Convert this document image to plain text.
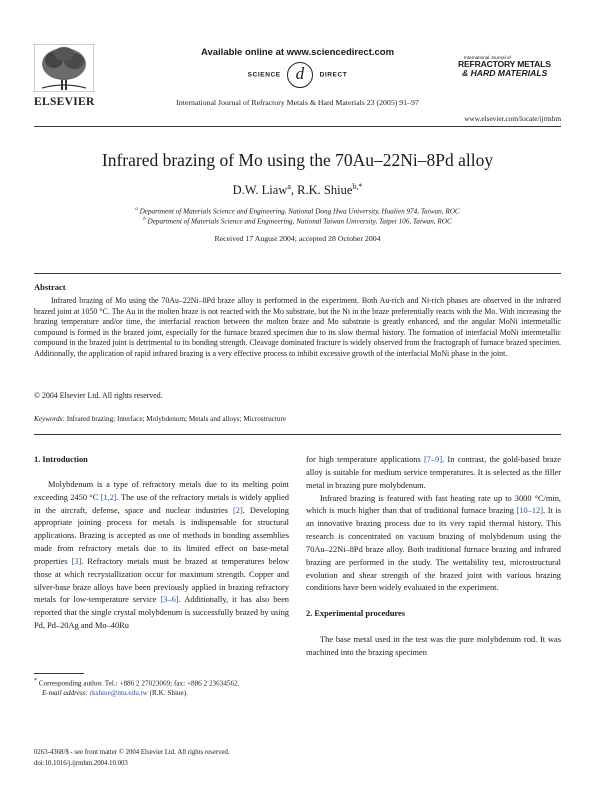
ELSEVIER
Available online at www.sciencedirect.com
SCIENCE d DIRECT
International Journal of Refractory Metals & Hard Materials 23 (2005) 91–97
International Journal of
REFRACTORY METALS
& HARD MATERIALS
www.elsevier.com/locate/ijrmhm
Infrared brazing of Mo using the 70Au–22Ni–8Pd alloy
D.W. Liaw$^a$, R.K. Shiue$^{b,*}$
$^a$ Department of Materials Science and Engineering, National Dong Hwa University, Hualien 974, Taiwan, ROC
$^b$ Department of Materials Science and Engineering, National Taiwan University, Taipei 106, Taiwan, ROC
Received 17 August 2004; accepted 28 October 2004
Abstract
Infrared brazing of Mo using the 70Au–22Ni–8Pd braze alloy is performed in the experiment. Both Au-rich and Ni-rich phases are observed in the infrared brazed joint at 1050 °C. The Au in the molten braze is not reacted with the Mo substrate, but the Ni in the braze preferentially reacts with the Mo. With increasing the brazing temperature and/or time, the interfacial reaction between the molten braze and Mo substrate is greatly enhanced, and the angular MoNi intermetallic compound is formed in the brazed joint, especially for the furnace brazed specimen due to its slow thermal history. The formation of interfacial MoNi intermetallic compound in the brazed joint is detrimental to its bonding strength. Cleavage dominated fracture is widely observed from the fractograph of furnace brazed specimen. Additionally, the application of rapid infrared brazing is a very effective process to inhibit excessive growth of the interfacial MoNi phase in the joint.
© 2004 Elsevier Ltd. All rights reserved.
Keywords: Infrared brazing; Interface; Molybdenum; Metals and alloys; Microstructure
1. Introduction

Molybdenum is a type of refractory metals due to its melting point exceeding 2450 °C [1,2]. The use of the refractory metals is widely applied in the aircraft, defense, space and nuclear industries [2]. Developing appropriate joining process for metals is indispensable for structural applications. Brazing is accepted as one of methods in bonding assemblies made from refractory metals due to its limited effect on base-metal properties [3]. Refractory metals must be brazed at temperatures below those at which recrystallization occur for maximum strength. Copper and silver-base braze alloys have been previously applied in brazing refractory metals for low-temperature service [3–6]. Additionally, it has also been reported that the single crystal molybdenum is successfully brazed by using Pd, Pd–20Ag and Mo–40Ru

* Corresponding author. Tel.: +886 2 27023069; fax: +886 2 23634562.
E-mail address: rkshiue@ntu.edu.tw (R.K. Shiue).

for high temperature applications [7–9]. In contrast, the gold-based braze alloy is suitable for medium service temperatures. It is selected as the filler metal in brazing pure molybdenum.

Infrared brazing is featured with fast heating rate up to 3000 °C/min, which is much higher than that of traditional furnace brazing [10–12]. It is an innovative brazing process due to its very rapid thermal history. This research is concentrated on vacuum brazing of molybdenum using the 70Au–22Ni–8Pd braze alloy. Both traditional furnace brazing and infrared brazing are performed in the study. The wettability test, microstructural evolution and shear strength of the brazed joint with various brazing conditions have been widely evaluated in the experiment.

2. Experimental procedures

The base metal used in the test was the pure molybdenum rod. It was machined into the brazing specimen

0263-4368/$ - see front matter © 2004 Elsevier Ltd. All rights reserved.
doi:10.1016/j.ijrmhm.2004.10.003
